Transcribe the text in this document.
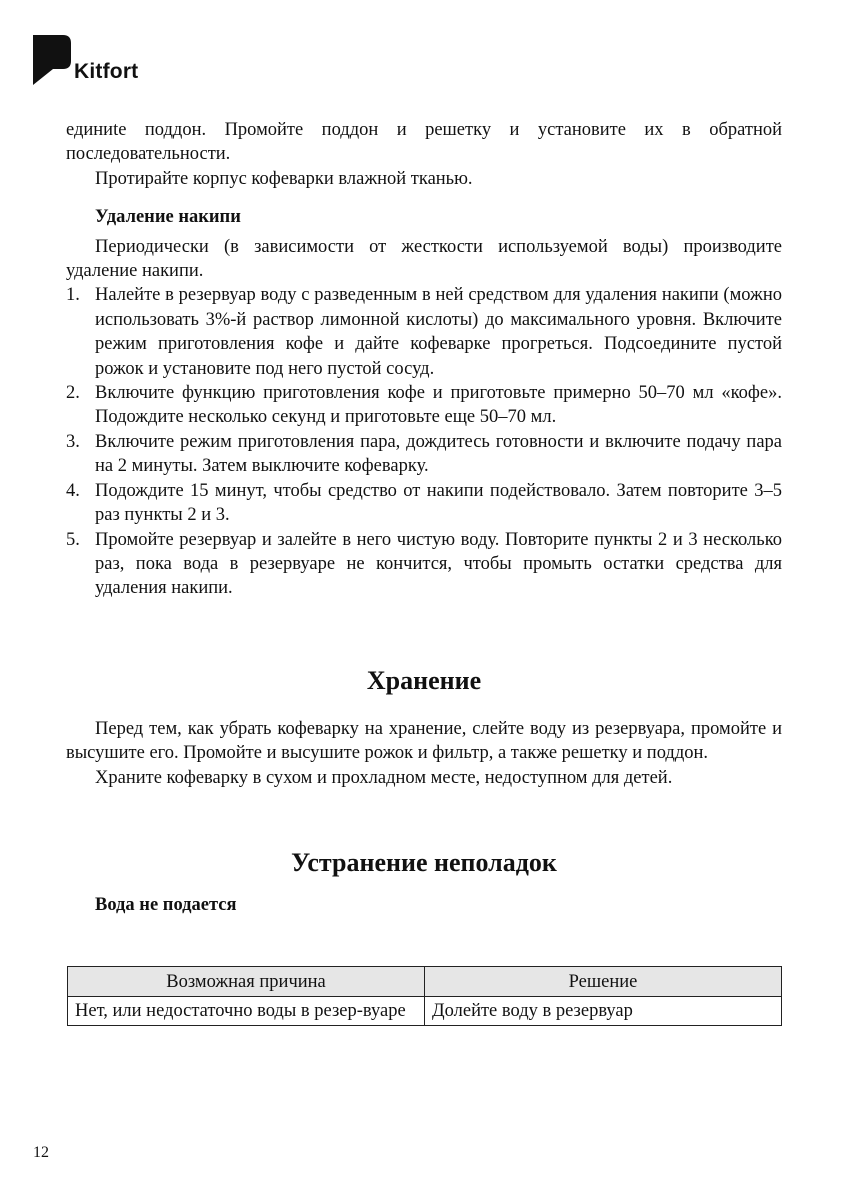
Kitfort

единиte поддон. Промойте поддон и решетку и установите их в обратной последовательности.

Протирайте корпус кофеварки влажной тканью.

Удаление накипи

Периодически (в зависимости от жесткости используемой воды) производите удаление накипи.

1. Налейте в резервуар воду с разведенным в ней средством для удаления накипи (можно использовать 3%-й раствор лимонной кислоты) до максимального уровня. Включите режим приготовления кофе и дайте кофеварке прогреться. Подсоедините пустой рожок и установите под него пустой сосуд.
2. Включите функцию приготовления кофе и приготовьте примерно 50–70 мл «кофе». Подождите несколько секунд и приготовьте еще 50–70 мл.
3. Включите режим приготовления пара, дождитесь готовности и включите подачу пара на 2 минуты. Затем выключите кофеварку.
4. Подождите 15 минут, чтобы средство от накипи подействовало. Затем повторите 3–5 раз пункты 2 и 3.
5. Промойте резервуар и залейте в него чистую воду. Повторите пункты 2 и 3 несколько раз, пока вода в резервуаре не кончится, чтобы промыть остатки средства для удаления накипи.
Хранение

Перед тем, как убрать кофеварку на хранение, слейте воду из резервуара, промойте и высушите его. Промойте и высушите рожок и фильтр, а также решетку и поддон.

Храните кофеварку в сухом и прохладном месте, недоступном для детей.

Устранение неполадок

Вода не подается

Возможная причина	Решение
Нет, или недостаточно воды в резер-вуаре	Долейте воду в резервуар
12
